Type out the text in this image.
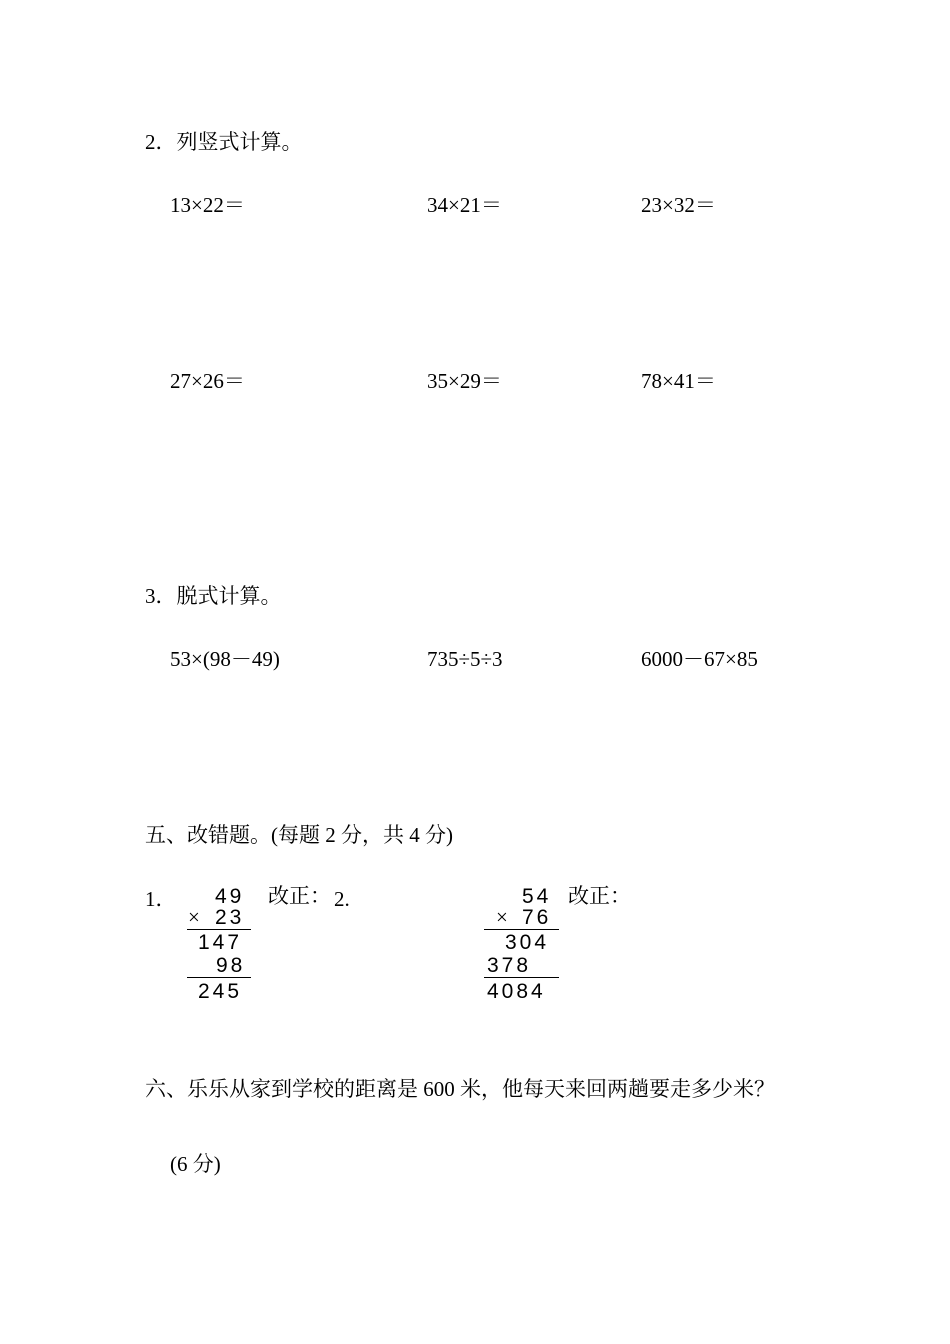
2．列竖式计算。
13×22＝	34×21＝	23×32＝
27×26＝	35×29＝	78×41＝
3．脱式计算。
53×(98－49)	735÷5÷3	6000－67×85
五、改错题。(每题 2 分，共 4 分)
1． 49
× 23
147
98
245
改正： 2.	54
× 76
304
378
4084
改正：
六、乐乐从家到学校的距离是 600 米，他每天来回两趟要走多少米？
(6 分)
